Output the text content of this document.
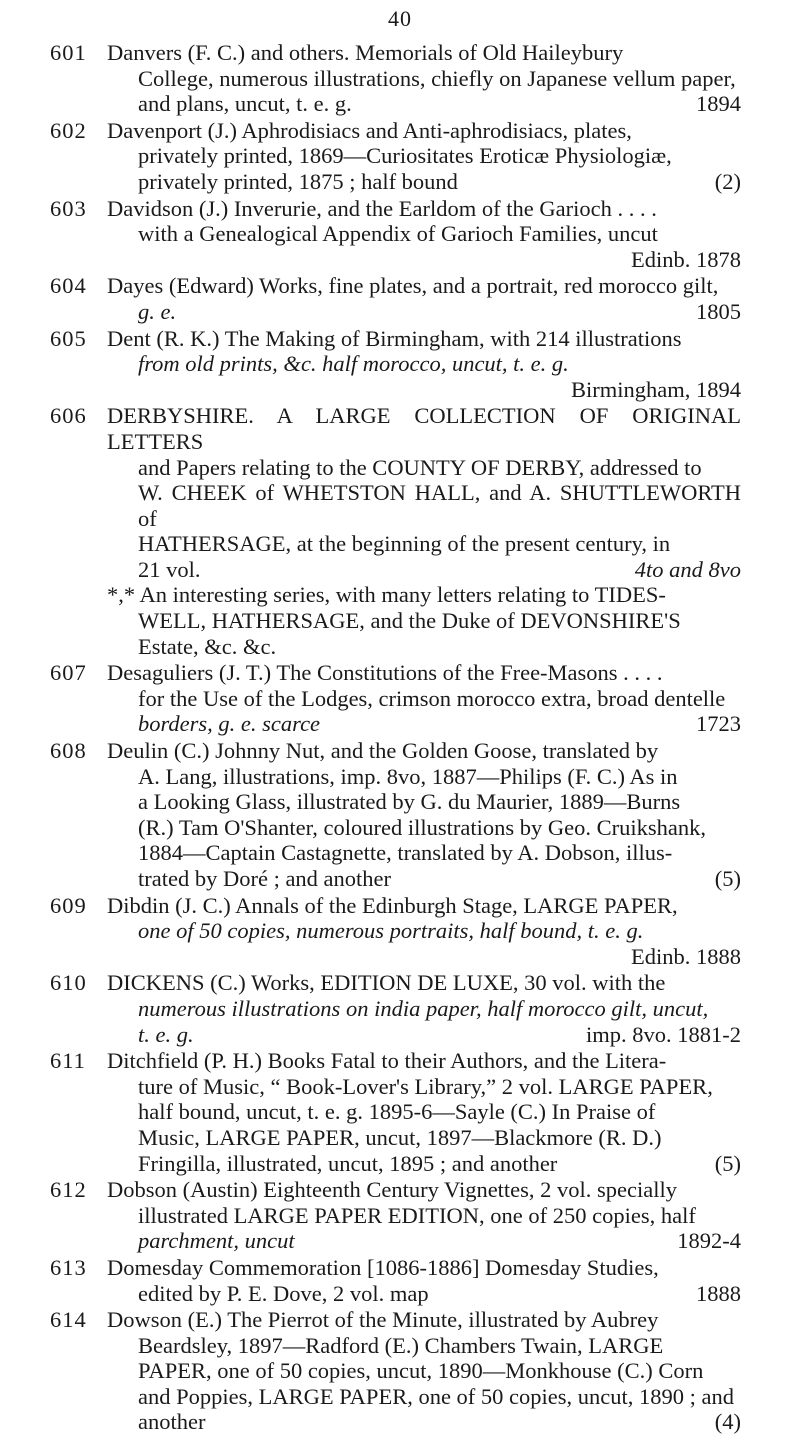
40
601 Danvers (F. C.) and others. Memorials of Old Haileybury
College, numerous illustrations, chiefly on Japanese vellum paper,
and plans, uncut, t. e. g.	1894
602 Davenport (J.) Aphrodisiacs and Anti-aphrodisiacs, plates,
privately printed, 1869—Curiositates Eroticæ Physiologiæ,
privately printed, 1875 ; half bound	(2)
603 Davidson (J.) Inverurie, and the Earldom of the Garioch . . . .
with a Genealogical Appendix of Garioch Families, uncut
Edinb. 1878
604 Dayes (Edward) Works, fine plates, and a portrait, red morocco gilt,
g. e.	1805
605 Dent (R. K.) The Making of Birmingham, with 214 illustrations
from old prints, &c. half morocco, uncut, t. e. g.
Birmingham, 1894
606 DERBYSHIRE. A LARGE COLLECTION OF ORIGINAL LETTERS
and Papers relating to the COUNTY OF DERBY, addressed to
W. CHEEK of WHETSTON HALL, and A. SHUTTLEWORTH of
HATHERSAGE, at the beginning of the present century, in
21 vol.	4to and 8vo
*,* An interesting series, with many letters relating to TIDES-
WELL, HATHERSAGE, and the Duke of DEVONSHIRE'S
Estate, &c. &c.
607 Desaguliers (J. T.) The Constitutions of the Free-Masons . . . .
for the Use of the Lodges, crimson morocco extra, broad dentelle
borders, g. e. scarce	1723
608 Deulin (C.) Johnny Nut, and the Golden Goose, translated by
A. Lang, illustrations, imp. 8vo, 1887—Philips (F. C.) As in
a Looking Glass, illustrated by G. du Maurier, 1889—Burns
(R.) Tam O'Shanter, coloured illustrations by Geo. Cruikshank,
1884—Captain Castagnette, translated by A. Dobson, illus-
trated by Doré ; and another	(5)
609 Dibdin (J. C.) Annals of the Edinburgh Stage, LARGE PAPER,
one of 50 copies, numerous portraits, half bound, t. e. g.
Edinb. 1888
610 DICKENS (C.) Works, EDITION DE LUXE, 30 vol. with the
numerous illustrations on india paper, half morocco gilt, uncut,
t. e. g.	imp. 8vo. 1881-2
611 Ditchfield (P. H.) Books Fatal to their Authors, and the Litera-
ture of Music, “ Book-Lover's Library,” 2 vol. LARGE PAPER,
half bound, uncut, t. e. g. 1895-6—Sayle (C.) In Praise of
Music, LARGE PAPER, uncut, 1897—Blackmore (R. D.)
Fringilla, illustrated, uncut, 1895 ; and another	(5)
612 Dobson (Austin) Eighteenth Century Vignettes, 2 vol. specially
illustrated LARGE PAPER EDITION, one of 250 copies, half
parchment, uncut	1892-4
613 Domesday Commemoration [1086-1886] Domesday Studies,
edited by P. E. Dove, 2 vol. map	1888
614 Dowson (E.) The Pierrot of the Minute, illustrated by Aubrey
Beardsley, 1897—Radford (E.) Chambers Twain, LARGE
PAPER, one of 50 copies, uncut, 1890—Monkhouse (C.) Corn
and Poppies, LARGE PAPER, one of 50 copies, uncut, 1890 ; and
another	(4)
